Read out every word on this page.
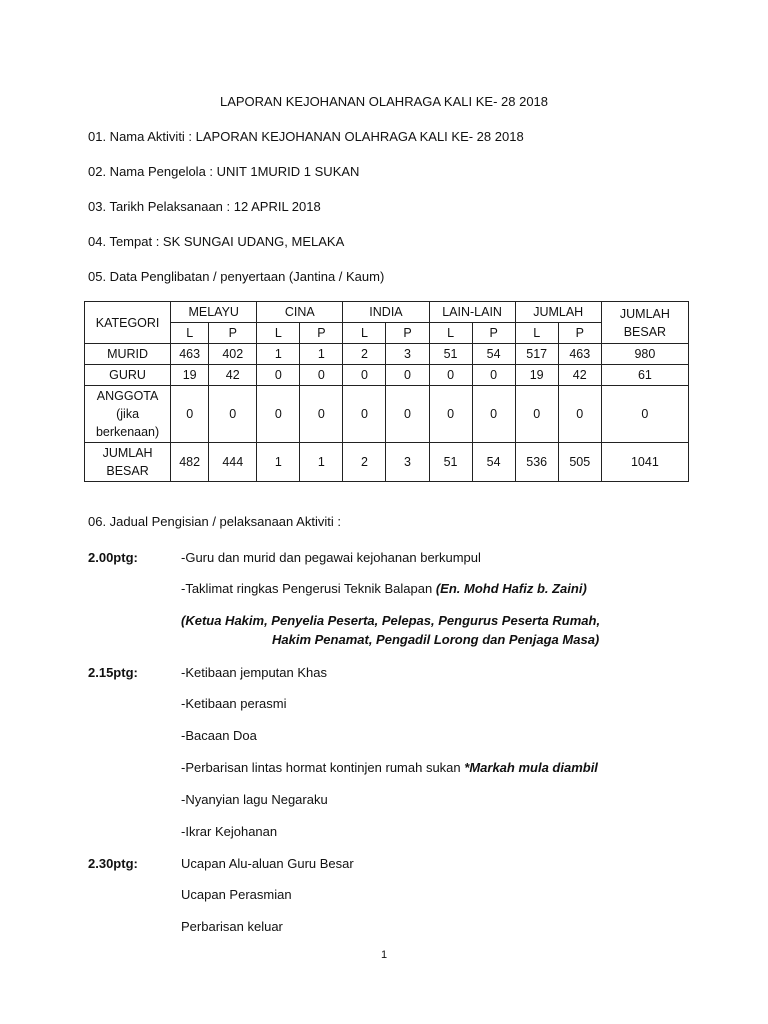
LAPORAN KEJOHANAN OLAHRAGA KALI KE- 28 2018
01. Nama Aktiviti : LAPORAN KEJOHANAN OLAHRAGA KALI KE- 28 2018
02. Nama Pengelola : UNIT 1MURID 1 SUKAN
03. Tarikh Pelaksanaan : 12 APRIL 2018
04. Tempat : SK SUNGAI UDANG, MELAKA
05. Data Penglibatan / penyertaan (Jantina / Kaum)
KATEGORI	MELAYU		CINA		INDIA		LAIN-LAIN		JUMLAH		JUMLAH
BESAR
	L	P	L	P	L	P	L	P	L	P	
MURID	463	402	1	1	2	3	51	54	517	463	980
GURU	19	42	0	0	0	0	0	0	19	42	61
ANGGOTA
(jika
berkenaan)	0	0	0	0	0	0	0	0	0	0	0
JUMLAH
BESAR	482	444	1	1	2	3	51	54	536	505	1041
06. Jadual Pengisian / pelaksanaan Aktiviti :
2.00ptg:	-Guru dan murid dan pegawai kejohanan berkumpul
-Taklimat ringkas Pengerusi Teknik Balapan (En. Mohd Hafiz b. Zaini)
(Ketua Hakim, Penyelia Peserta, Pelepas, Pengurus Peserta Rumah,
Hakim Penamat, Pengadil Lorong dan Penjaga Masa)
2.15ptg:	-Ketibaan jemputan Khas
-Ketibaan perasmi
-Bacaan Doa
-Perbarisan lintas hormat kontinjen rumah sukan *Markah mula diambil
-Nyanyian lagu Negaraku
-Ikrar Kejohanan
2.30ptg:	Ucapan Alu-aluan Guru Besar
Ucapan Perasmian
Perbarisan keluar
1
